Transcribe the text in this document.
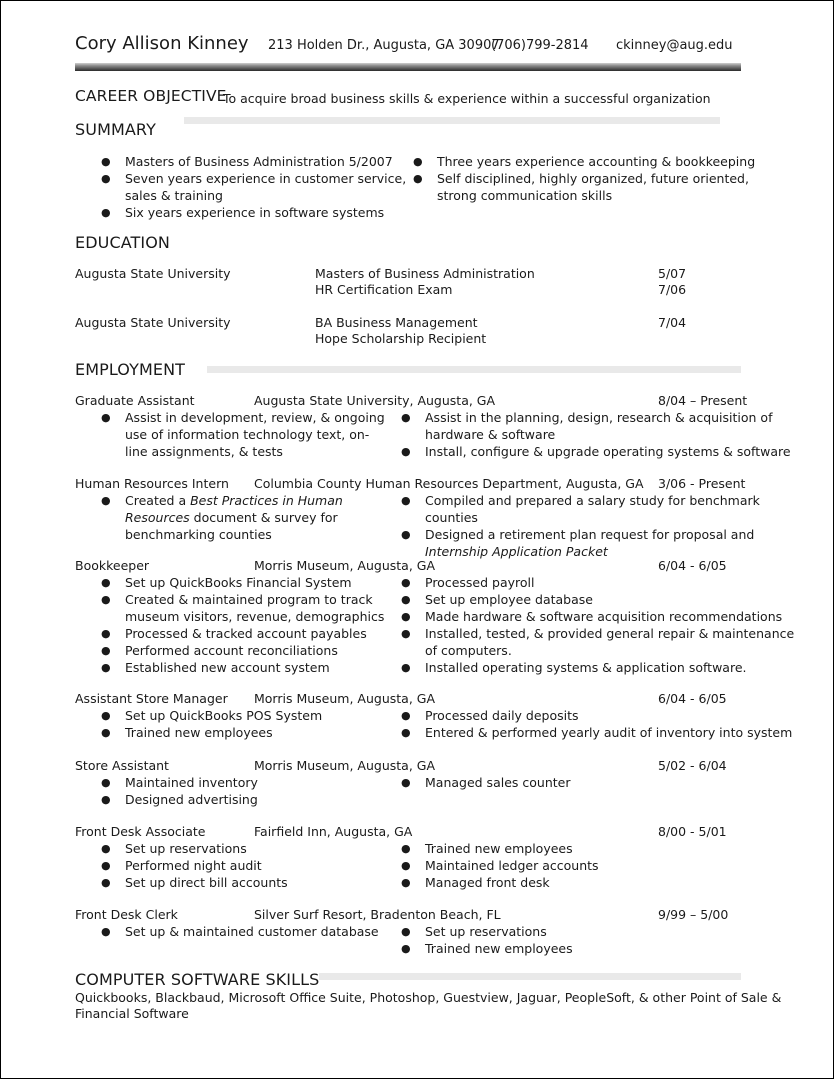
Cory Allison Kinney 213 Holden Dr., Augusta, GA 30907
(706)799-2814 ckinney@aug.edu
CAREER OBJECTIVE
To acquire broad business skills & experience within a successful organization
SUMMARY
●
Masters of Business Administration 5/2007
●
Seven years experience in customer service,
sales & training
●
Six years experience in software systems
●
Three years experience accounting & bookkeeping
●
Self disciplined, highly organized, future oriented,
strong communication skills
EDUCATION
Augusta State University	Masters of Business Administration	5/07
HR Certification Exam	7/06
Augusta State University	BA Business Management	7/04
Hope Scholarship Recipient
EMPLOYMENT
Graduate Assistant	Augusta State University, Augusta, GA	8/04 – Present
●
Assist in development, review, & ongoing
use of information technology text, on-
line assignments, & tests
●
Assist in the planning, design, research & acquisition of
hardware & software
●
Install, configure & upgrade operating systems & software
Human Resources Intern Columbia County Human Resources Department, Augusta, GA 3/06 - Present
●
Created a Best Practices in Human
Resources document & survey for
benchmarking counties
●
Compiled and prepared a salary study for benchmark
counties
●
Designed a retirement plan request for proposal and
Internship Application Packet
Bookkeeper	Morris Museum, Augusta, GA	6/04 - 6/05
●
Set up QuickBooks Financial System
●
Created & maintained program to track
museum visitors, revenue, demographics
●
Processed & tracked account payables
●
Performed account reconciliations
●
Established new account system
●
Processed payroll
●
Set up employee database
●
Made hardware & software acquisition recommendations
●
Installed, tested, & provided general repair & maintenance
of computers.
●
Installed operating systems & application software.
Assistant Store Manager Morris Museum, Augusta, GA	6/04 - 6/05
●
Set up QuickBooks POS System
●
Trained new employees
●
Processed daily deposits
●
Entered & performed yearly audit of inventory into system
Store Assistant	Morris Museum, Augusta, GA	5/02 - 6/04
●
Maintained inventory
●
Designed advertising
●
Managed sales counter
Front Desk Associate	Fairfield Inn, Augusta, GA	8/00 - 5/01
●
Set up reservations
●
Performed night audit
●
Set up direct bill accounts
●
Trained new employees
●
Maintained ledger accounts
●
Managed front desk
Front Desk Clerk	Silver Surf Resort, Bradenton Beach, FL	9/99 – 5/00
●
Set up & maintained customer database
●	Set up reservations
●
Trained new employees
COMPUTER SOFTWARE SKILLS
Quickbooks, Blackbaud, Microsoft Office Suite, Photoshop, Guestview, Jaguar, PeopleSoft, & other Point of Sale &
Financial Software
